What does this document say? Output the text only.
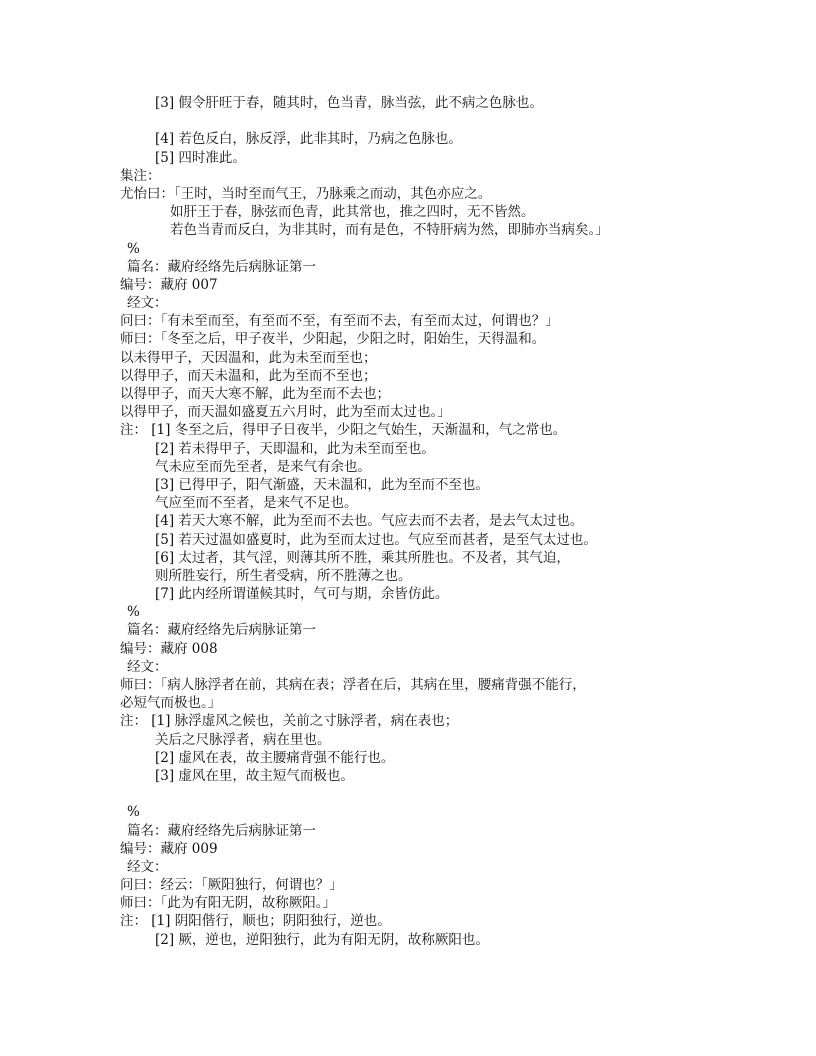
[3] 假令肝旺于春，随其时，色当青，脉当弦，此不病之色脉也。
[4] 若色反白，脉反浮，此非其时，乃病之色脉也。
[5] 四时准此。
集注：
尤怡曰：「王时，当时至而气王，乃脉乘之而动，其色亦应之。
如肝王于春，脉弦而色青，此其常也，推之四时，无不皆然。
若色当青而反白，为非其时，而有是色，不特肝病为然，即肺亦当病矣。」
%
篇名：藏府经络先后病脉证第一
编号：藏府 007
经文：
问曰：「有未至而至，有至而不至，有至而不去，有至而太过，何谓也？」
师曰：「冬至之后，甲子夜半，少阳起，少阳之时，阳始生，天得温和。
以未得甲子，天因温和，此为未至而至也；
以得甲子，而天未温和，此为至而不至也；
以得甲子，而天大寒不解，此为至而不去也；
以得甲子，而天温如盛夏五六月时，此为至而太过也。」
注： [1] 冬至之后，得甲子日夜半，少阳之气始生，天渐温和，气之常也。
[2] 若未得甲子，天即温和，此为未至而至也。
气未应至而先至者，是来气有余也。
[3] 已得甲子，阳气渐盛，天未温和，此为至而不至也。
气应至而不至者，是来气不足也。
[4] 若天大寒不解，此为至而不去也。气应去而不去者，是去气太过也。
[5] 若天过温如盛夏时，此为至而太过也。气应至而甚者，是至气太过也。
[6] 太过者，其气淫，则薄其所不胜，乘其所胜也。不及者，其气迫，
则所胜妄行，所生者受病，所不胜薄之也。
[7] 此内经所谓谨候其时，气可与期，余皆仿此。
%
篇名：藏府经络先后病脉证第一
编号：藏府 008
经文：
师曰：「病人脉浮者在前，其病在表；浮者在后，其病在里，腰痛背强不能行，
必短气而极也。」
注： [1] 脉浮虚风之候也，关前之寸脉浮者，病在表也；
关后之尺脉浮者，病在里也。
[2] 虚风在表，故主腰痛背强不能行也。
[3] 虚风在里，故主短气而极也。
%
篇名：藏府经络先后病脉证第一
编号：藏府 009
经文：
问曰：经云：「厥阳独行，何谓也？」
师曰：「此为有阳无阴，故称厥阳。」
注： [1] 阴阳偕行，顺也；阴阳独行，逆也。
[2] 厥，逆也，逆阳独行，此为有阳无阴，故称厥阳也。
